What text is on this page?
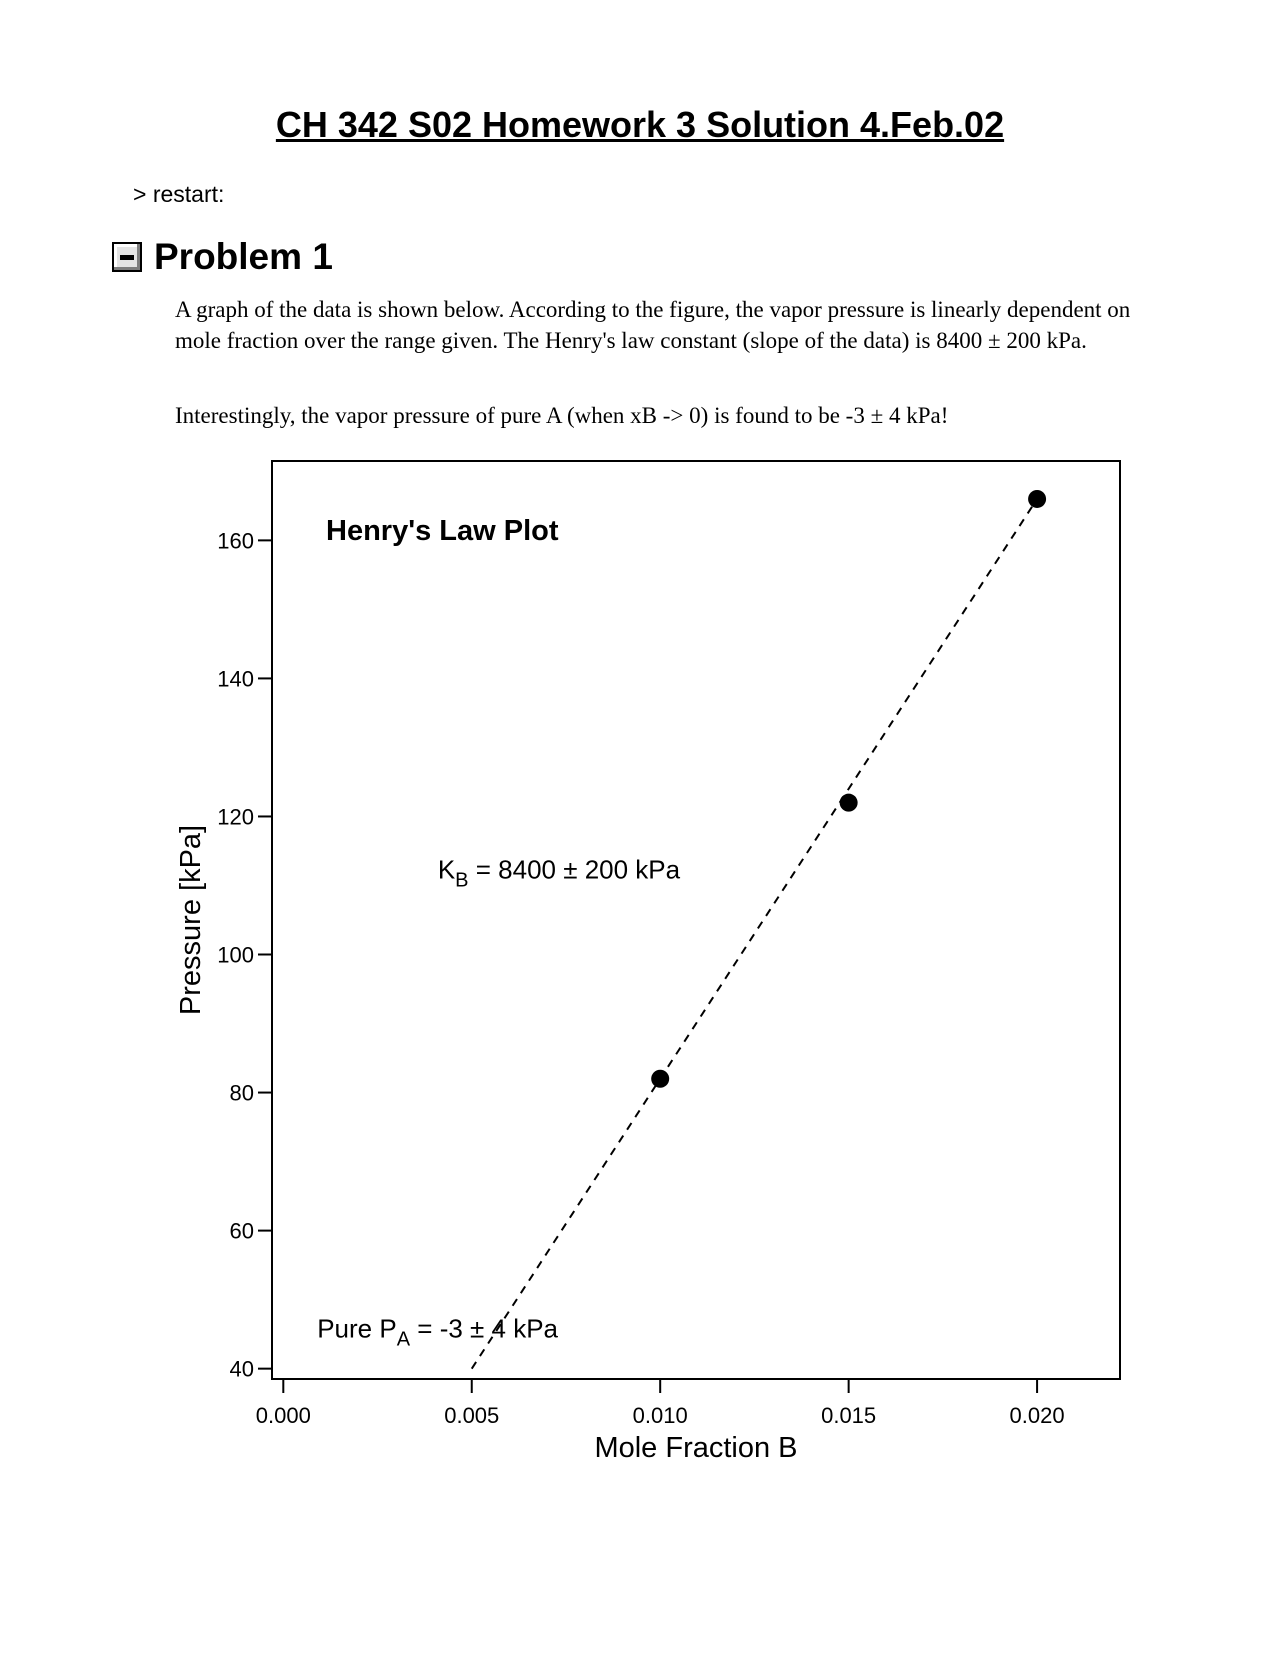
CH 342 S02 Homework 3 Solution 4.Feb.02
> restart:
Problem 1

A graph of the data is shown below. According to the figure, the vapor pressure is linearly dependent on mole fraction over the range given. The Henry's law constant (slope of the data) is 8400 ± 200 kPa.

Interestingly, the vapor pressure of pure A (when xB -> 0) is found to be -3 ± 4 kPa!

40
60
80
100
120
140
160
0.000	0.005	0.010	0.015	0.020
Henry's Law Plot
Pressure [kPa]
Mole Fraction B
$K_B = 8400 \pm 200$ kPa
Pure $P_A = -3 \pm 4$ kPa
